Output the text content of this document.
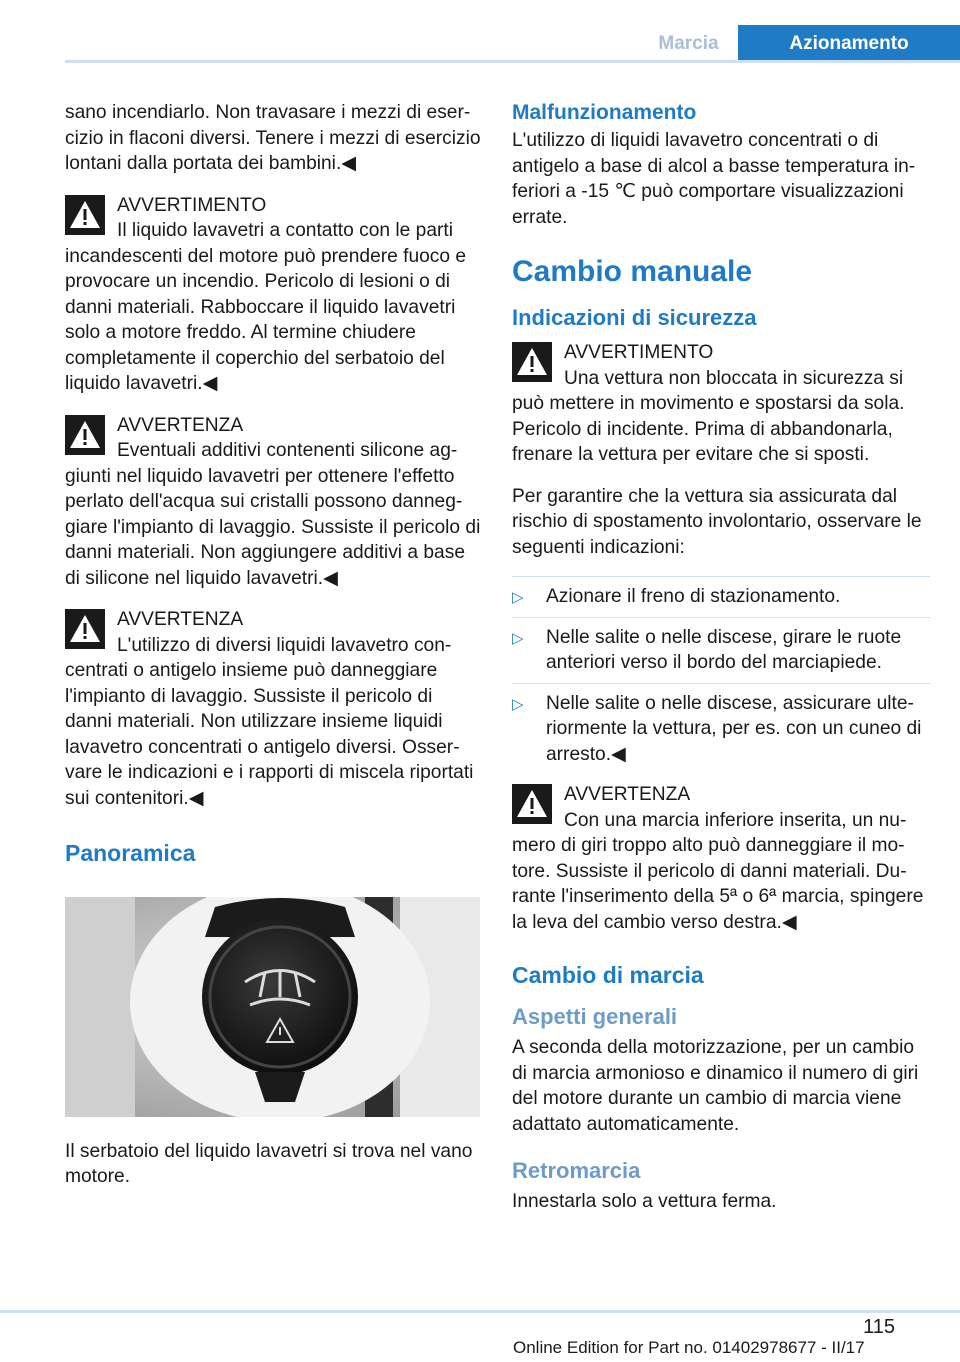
Marcia	Azionamento

sano incendiarlo. Non travasare i mezzi di esercizio in flaconi diversi. Tenere i mezzi di esercizio lontani dalla portata dei bambini.◀

AVVERTIMENTO
Il liquido lavavetri a contatto con le parti incandescenti del motore può prendere fuoco e provocare un incendio. Pericolo di lesioni o di danni materiali. Rabboccare il liquido lavavetri solo a motore freddo. Al termine chiudere completamente il coperchio del serbatoio del liquido lavavetri.◀
AVVERTENZA
Eventuali additivi contenenti silicone aggiunti nel liquido lavavetri per ottenere l'effetto perlato dell'acqua sui cristalli possono danneggiare l'impianto di lavaggio. Sussiste il pericolo di danni materiali. Non aggiungere additivi a base di silicone nel liquido lavavetri.◀
AVVERTENZA
L'utilizzo di diversi liquidi lavavetro concentrati o antigelo insieme può danneggiare l'impianto di lavaggio. Sussiste il pericolo di danni materiali. Non utilizzare insieme liquidi lavavetro concentrati o antigelo diversi. Osservare le indicazioni e i rapporti di miscela riportati sui contenitori.◀
Panoramica

Il serbatoio del liquido lavavetri si trova nel vano motore.

Malfunzionamento

L'utilizzo di liquidi lavavetro concentrati o di antigelo a base di alcol a basse temperatura inferiori a -15 ℃ può comportare visualizzazioni errate.

Cambio manuale
Indicazioni di sicurezza
AVVERTIMENTO
Una vettura non bloccata in sicurezza si può mettere in movimento e spostarsi da sola. Pericolo di incidente. Prima di abbandonarla, frenare la vettura per evitare che si sposti.

Per garantire che la vettura sia assicurata dal rischio di spostamento involontario, osservare le seguenti indicazioni:

▷ Azionare il freno di stazionamento.
▷ Nelle salite o nelle discese, girare le ruote anteriori verso il bordo del marciapiede.
▷ Nelle salite o nelle discese, assicurare ulteriormente la vettura, per es. con un cuneo di arresto.◀
AVVERTENZA
Con una marcia inferiore inserita, un numero di giri troppo alto può danneggiare il motore. Sussiste il pericolo di danni materiali. Durante l'inserimento della 5ª o 6ª marcia, spingere la leva del cambio verso destra.◀
Cambio di marcia
Aspetti generali

A seconda della motorizzazione, per un cambio di marcia armonioso e dinamico il numero di giri del motore durante un cambio di marcia viene adattato automaticamente.

Retromarcia

Innestarla solo a vettura ferma.

115
Online Edition for Part no. 01402978677 - II/17
